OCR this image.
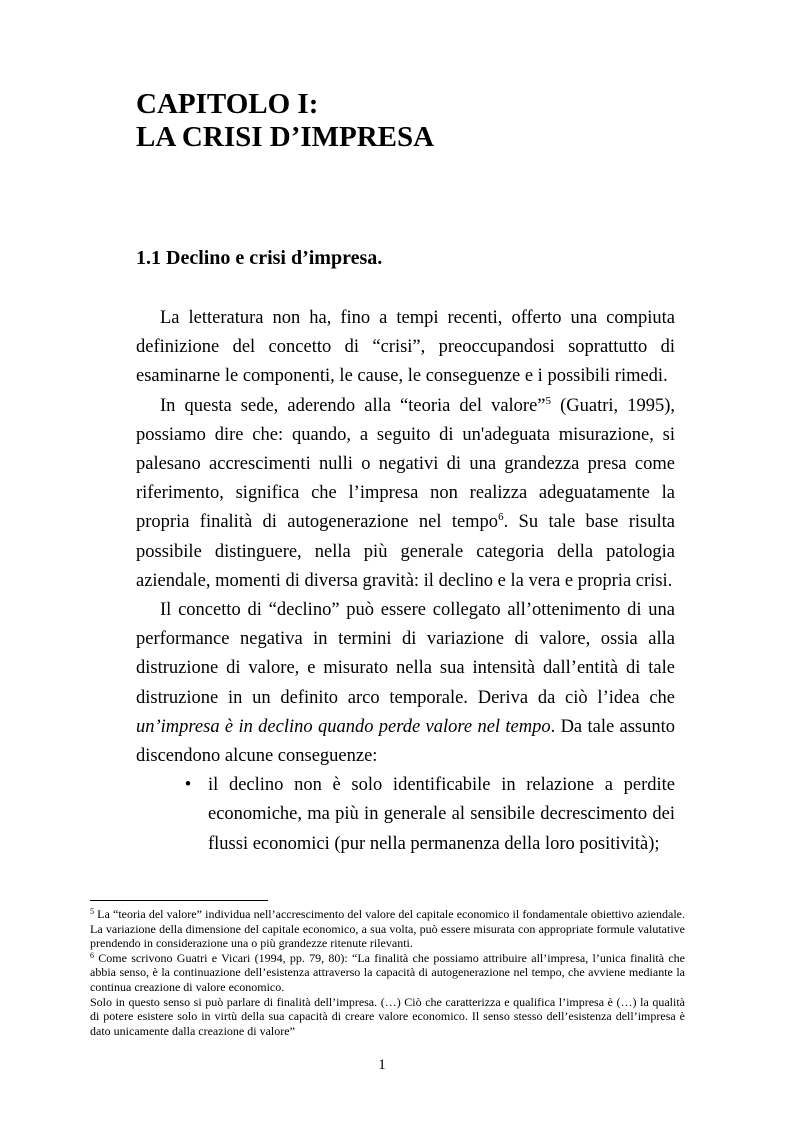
CAPITOLO I:
LA CRISI D’IMPRESA
1.1 Declino e crisi d’impresa.

La letteratura non ha, fino a tempi recenti, offerto una compiuta definizione del concetto di “crisi”, preoccupandosi soprattutto di esaminarne le componenti, le cause, le conseguenze e i possibili rimedi.

In questa sede, aderendo alla “teoria del valore”$^5$ (Guatri, 1995), possiamo dire che: quando, a seguito di un'adeguata misurazione, si palesano accrescimenti nulli o negativi di una grandezza presa come riferimento, significa che l’impresa non realizza adeguatamente la propria finalità di autogenerazione nel tempo$^6$. Su tale base risulta possibile distinguere, nella più generale categoria della patologia aziendale, momenti di diversa gravità: il declino e la vera e propria crisi.

Il concetto di “declino” può essere collegato all’ottenimento di una performance negativa in termini di variazione di valore, ossia alla distruzione di valore, e misurato nella sua intensità dall’entità di tale distruzione in un definito arco temporale. Deriva da ciò l’idea che un’impresa è in declino quando perde valore nel tempo. Da tale assunto discendono alcune conseguenze:

• il declino non è solo identificabile in relazione a perdite economiche, ma più in generale al sensibile decrescimento dei flussi economici (pur nella permanenza della loro positività);

$^5$ La “teoria del valore” individua nell’accrescimento del valore del capitale economico il fondamentale obiettivo aziendale. La variazione della dimensione del capitale economico, a sua volta, può essere misurata con appropriate formule valutative prendendo in considerazione una o più grandezze ritenute rilevanti.

$^6$ Come scrivono Guatri e Vicari (1994, pp. 79, 80): “La finalità che possiamo attribuire all’impresa, l’unica finalità che abbia senso, è la continuazione dell’esistenza attraverso la capacità di autogenerazione nel tempo, che avviene mediante la continua creazione di valore economico.

Solo in questo senso si può parlare di finalità dell’impresa. (…) Ciò che caratterizza e qualifica l’impresa è (…) la qualità di potere esistere solo in virtù della sua capacità di creare valore economico. Il senso stesso dell’esistenza dell’impresa è dato unicamente dalla creazione di valore”

1
